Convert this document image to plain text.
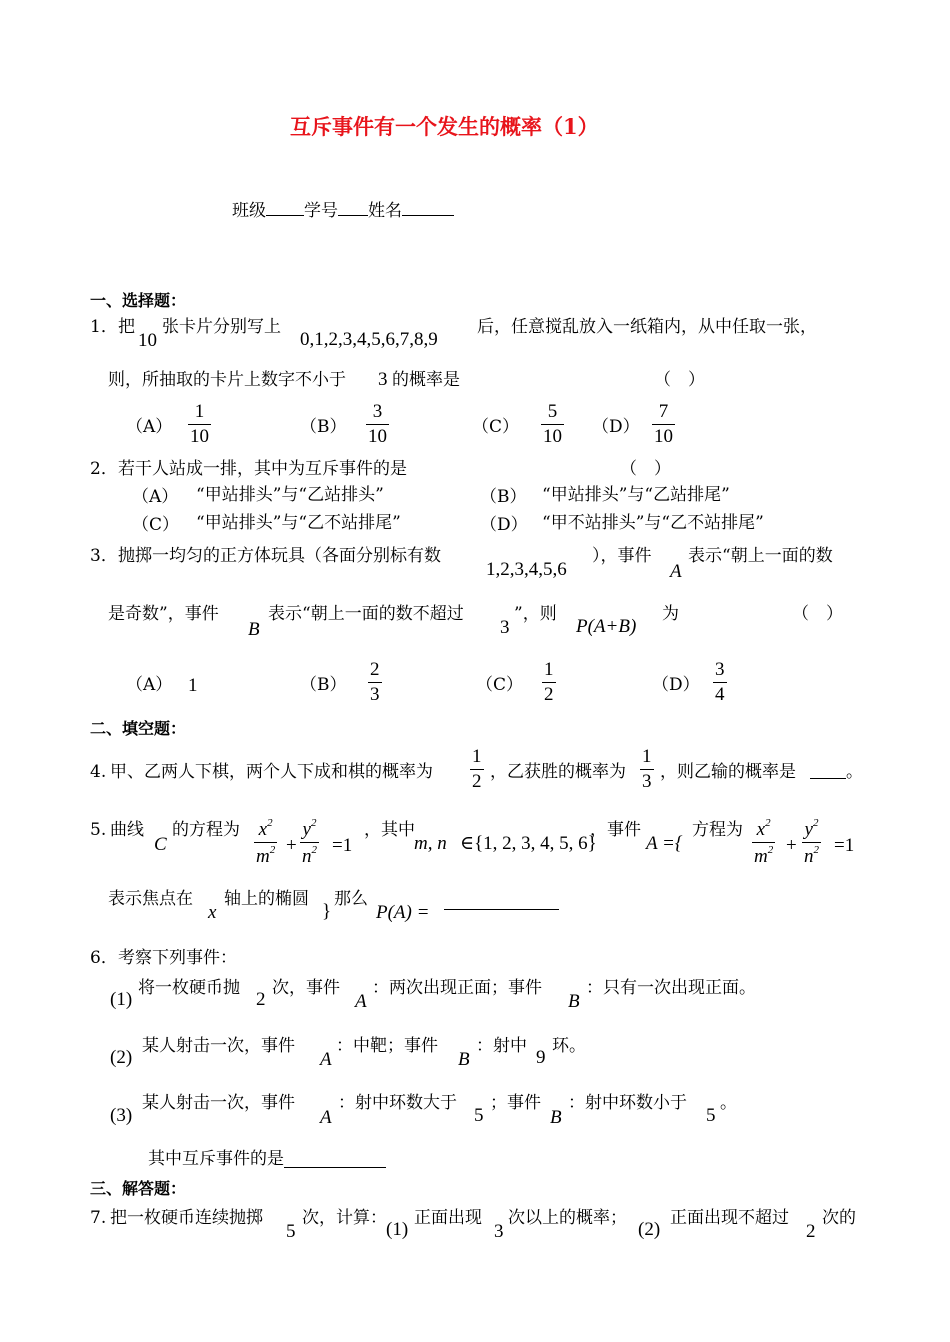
互斥事件有一个发生的概率（1）
班级 学号 姓名
一、选择题：
1． 把
10
张卡片分别写上
0,1,2,3,4,5,6,7,8,9
后，任意搅乱放入一纸箱内，从中任取一张，
则，所抽取的卡片上数字不小于 3 的概率是	（　）
（A）
1
10	（B）
3
10	（C）
5
10 （D）
7
10
2． 若干人站成一排，其中为互斥事件的是	（　）
（A） “甲站排头”与“乙站排头”	（B） “甲站排头”与“乙站排尾”
（C） “甲站排头”与“乙不站排尾”	（D） “甲不站排头”与“乙不站排尾”
3． 抛掷一均匀的正方体玩具（各面分别标有数
1,2,3,4,5,6
），事件
A
表示“朝上一面的数
是奇数”，事件
B
表示“朝上一面的数不超过
3
”，则
P(A+B)
为	（　）
（A） 1	（B）
2
3	（C）
1
2	（D）
3
4
二、填空题：
4. 甲、乙两人下棋，两个人下成和棋的概率为
1
2 ，乙获胜的概率为
1
3 ，则乙输的概率是	。
5. 曲线
C
的方程为 $x^2$
$m^2$ +
$y^2$
$n^2 =1$
，其中
m, n ∈{1, 2, 3, 4, 5, 6}
，事件
A ={
方程为 $x^2$
$m^2$ +
$y^2$
$n^2 =1$
表示焦点在
x
轴上的椭圆
}
那么
P(A) =
6． 考察下列事件：
(1)
将一枚硬币抛
2
次，事件
A
：两次出现正面；事件
B
：只有一次出现正面。
(2)
某人射击一次，事件
A
：中靶；事件
B
：射中
9
环。
(3)
某人射击一次，事件
A
：射中环数大于
5
；事件
B
：射中环数小于
5
。
其中互斥事件的是
三、解答题：
7. 把一枚硬币连续抛掷
5
次，计算：
(1)
正面出现
3
次以上的概率；
(2)
正面出现不超过
2
次的
